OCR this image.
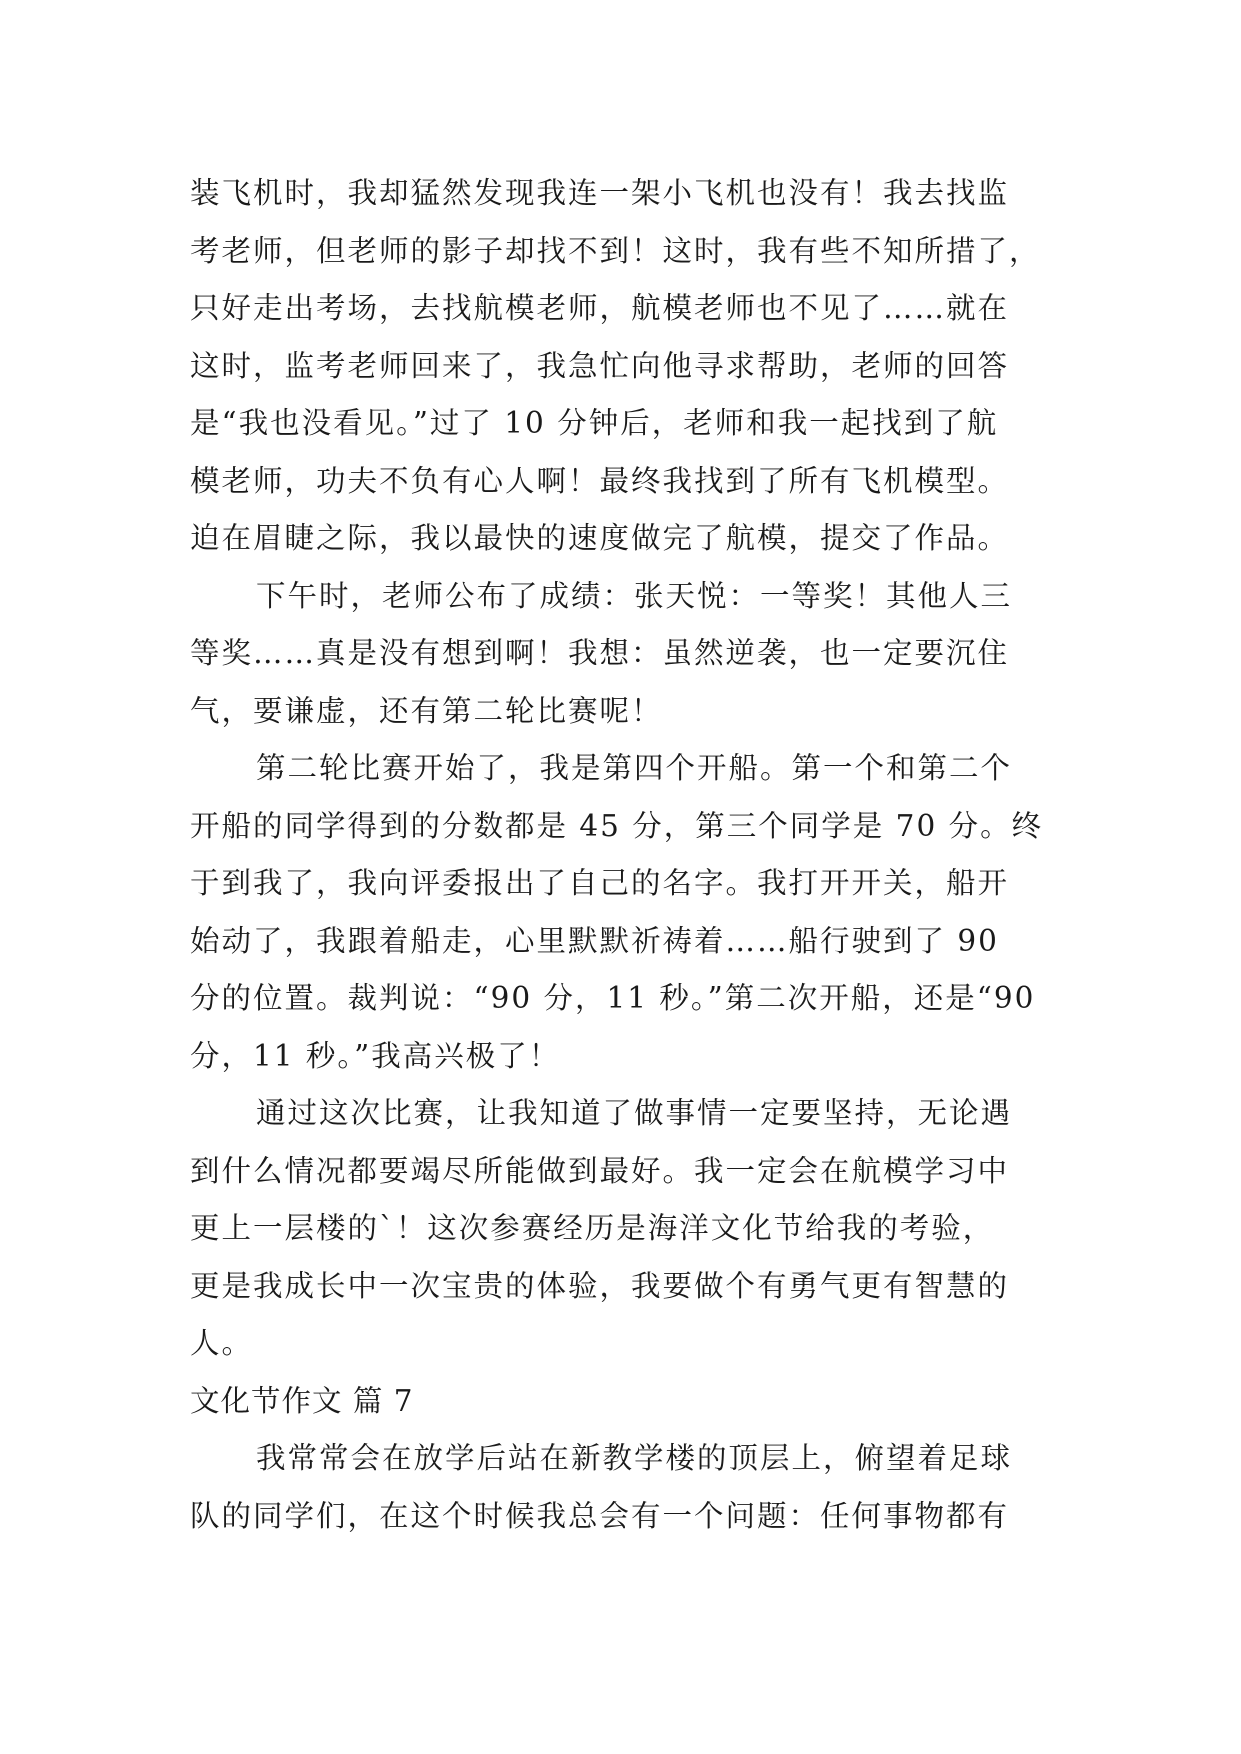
装飞机时，我却猛然发现我连一架小飞机也没有！我去找监
考老师，但老师的影子却找不到！这时，我有些不知所措了，
只好走出考场，去找航模老师，航模老师也不见了……就在
这时，监考老师回来了，我急忙向他寻求帮助，老师的回答
是“我也没看见。”过了 10 分钟后，老师和我一起找到了航
模老师，功夫不负有心人啊！最终我找到了所有飞机模型。
迫在眉睫之际，我以最快的速度做完了航模，提交了作品。
下午时，老师公布了成绩：张天悦：一等奖！其他人三
等奖……真是没有想到啊！我想：虽然逆袭，也一定要沉住
气，要谦虚，还有第二轮比赛呢！
第二轮比赛开始了，我是第四个开船。第一个和第二个
开船的同学得到的分数都是 45 分，第三个同学是 70 分。终
于到我了，我向评委报出了自己的名字。我打开开关，船开
始动了，我跟着船走，心里默默祈祷着……船行驶到了 90
分的位置。裁判说：“90 分，11 秒。”第二次开船，还是“90
分，11 秒。”我高兴极了！
通过这次比赛，让我知道了做事情一定要坚持，无论遇
到什么情况都要竭尽所能做到最好。我一定会在航模学习中
更上一层楼的`！这次参赛经历是海洋文化节给我的考验，
更是我成长中一次宝贵的体验，我要做个有勇气更有智慧的
人。
文化节作文 篇 7
我常常会在放学后站在新教学楼的顶层上，俯望着足球
队的同学们，在这个时候我总会有一个问题：任何事物都有
